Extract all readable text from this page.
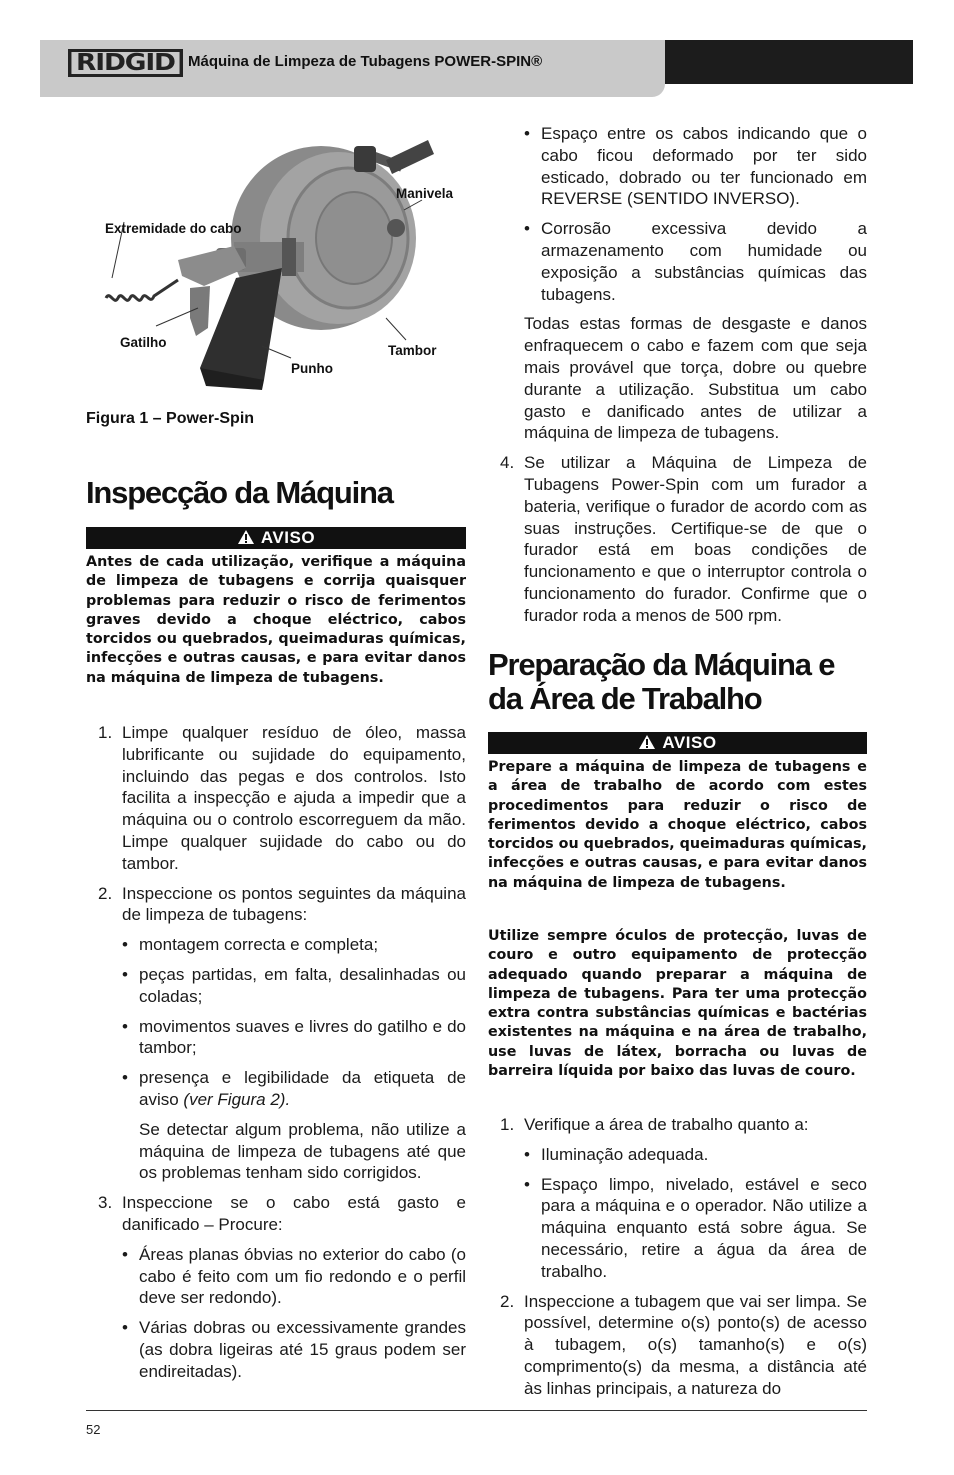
RIDGID Máquina de Limpeza de Tubagens POWER-SPIN®
Manivela
Extremidade do cabo
Gatilho
Tambor
Punho
Figura 1 – Power-Spin
Inspecção da Máquina
AVISO
Antes de cada utilização, verifique a máquina de limpeza de tubagens e corrija quaisquer problemas para reduzir o risco de ferimentos graves devido a choque eléctrico, cabos torcidos ou quebrados, queimaduras químicas, infecções e outras causas, e para evitar danos na máquina de limpeza de tubagens.

1. Limpe qualquer resíduo de óleo, massa lubrificante ou sujidade do equipamento, incluindo das pegas e dos controlos. Isto facilita a inspecção e ajuda a impedir que a máquina ou o controlo escorreguem da mão. Limpe qualquer sujidade do cabo ou do tambor.

2. Inspeccione os pontos seguintes da máquina de limpeza de tubagens:

• montagem correcta e completa;

• peças partidas, em falta, desalinhadas ou coladas;

• movimentos suaves e livres do gatilho e do tambor;

• presença e legibilidade da etiqueta de aviso (ver Figura 2).

Se detectar algum problema, não utilize a máquina de limpeza de tubagens até que os problemas tenham sido corrigidos.

3. Inspeccione se o cabo está gasto e danificado – Procure:

• Áreas planas óbvias no exterior do cabo (o cabo é feito com um fio redondo e o perfil deve ser redondo).

• Várias dobras ou excessivamente grandes (as dobra ligeiras até 15 graus podem ser endireitadas).

• Espaço entre os cabos indicando que o cabo ficou deformado por ter sido esticado, dobrado ou ter funcionado em REVERSE (SENTIDO INVERSO).

• Corrosão excessiva devido a armazenamento com humidade ou exposição a substâncias químicas das tubagens.

Todas estas formas de desgaste e danos enfraquecem o cabo e fazem com que seja mais provável que torça, dobre ou quebre durante a utilização. Substitua um cabo gasto e danificado antes de utilizar a máquina de limpeza de tubagens.

4. Se utilizar a Máquina de Limpeza de Tubagens Power-Spin com um furador a bateria, verifique o furador de acordo com as suas instruções. Certifique-se de que o furador está em boas condições de funcionamento e que o interruptor controla o funcionamento do furador. Confirme que o furador roda a menos de 500 rpm.

Preparação da Máquina e
da Área de Trabalho
AVISO
Prepare a máquina de limpeza de tubagens e a área de trabalho de acordo com estes procedimentos para reduzir o risco de ferimentos devido a choque eléctrico, cabos torcidos ou quebrados, queimaduras químicas, infecções e outras causas, e para evitar danos na máquina de limpeza de tubagens.
Utilize sempre óculos de protecção, luvas de couro e outro equipamento de protecção adequado quando preparar a máquina de limpeza de tubagens. Para ter uma protecção extra contra substâncias químicas e bactérias existentes na máquina e na área de trabalho, use luvas de látex, borracha ou luvas de barreira líquida por baixo das luvas de couro.

1. Verifique a área de trabalho quanto a:

• Iluminação adequada.

• Espaço limpo, nivelado, estável e seco para a máquina e o operador. Não utilize a máquina enquanto está sobre água. Se necessário, retire a água da área de trabalho.

2. Inspeccione a tubagem que vai ser limpa. Se possível, determine o(s) ponto(s) de acesso à tubagem, o(s) tamanho(s) e o(s) comprimento(s) da mesma, a distância até às linhas principais, a natureza do

52
